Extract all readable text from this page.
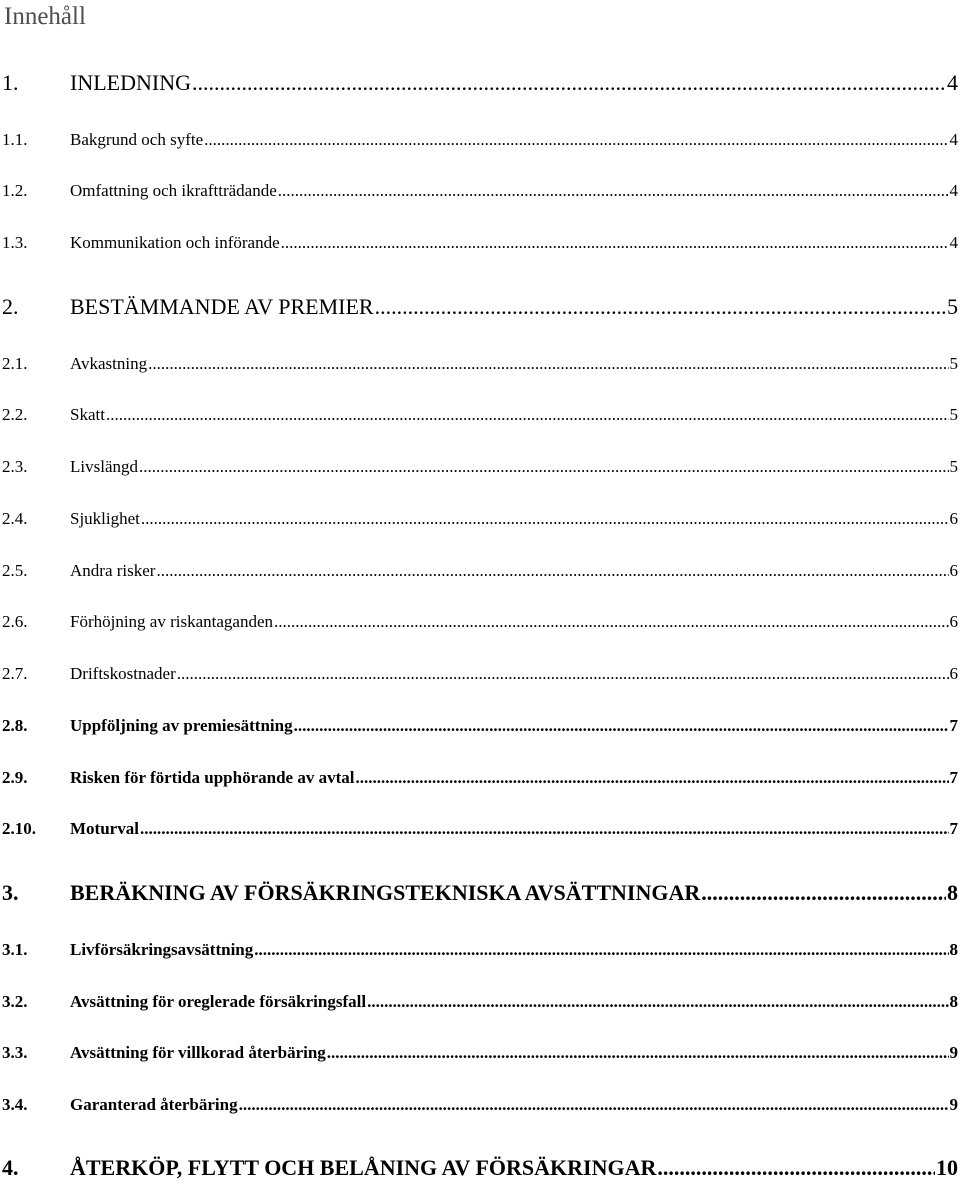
Innehåll
1. INLEDNING .....	4
1.1.	Bakgrund och syfte .....	4
1.2.	Omfattning och ikraftträdande .....	4
1.3.	Kommunikation och införande .....	4
2. BESTÄMMANDE AV PREMIER .....	5
2.1.	Avkastning .....	5
2.2.	Skatt .....	5
2.3.	Livslängd .....	5
2.4.	Sjuklighet .....	6
2.5.	Andra risker .....	6
2.6.	Förhöjning av riskantaganden .....	6
2.7.	Driftskostnader .....	6
2.8.	Uppföljning av premiesättning .....	7
2.9.	Risken för förtida upphörande av avtal .....	7
2.10. Moturval .....	7
3. BERÄKNING AV FÖRSÄKRINGSTEKNISKA AVSÄTTNINGAR .....	8
3.1.	Livförsäkringsavsättning .....	8
3.2.	Avsättning för oreglerade försäkringsfall .....	8
3.3.	Avsättning för villkorad återbäring .....	9
3.4.	Garanterad återbäring .....	9
4. ÅTERKÖP, FLYTT OCH BELÅNING AV FÖRSÄKRINGAR .....	10
